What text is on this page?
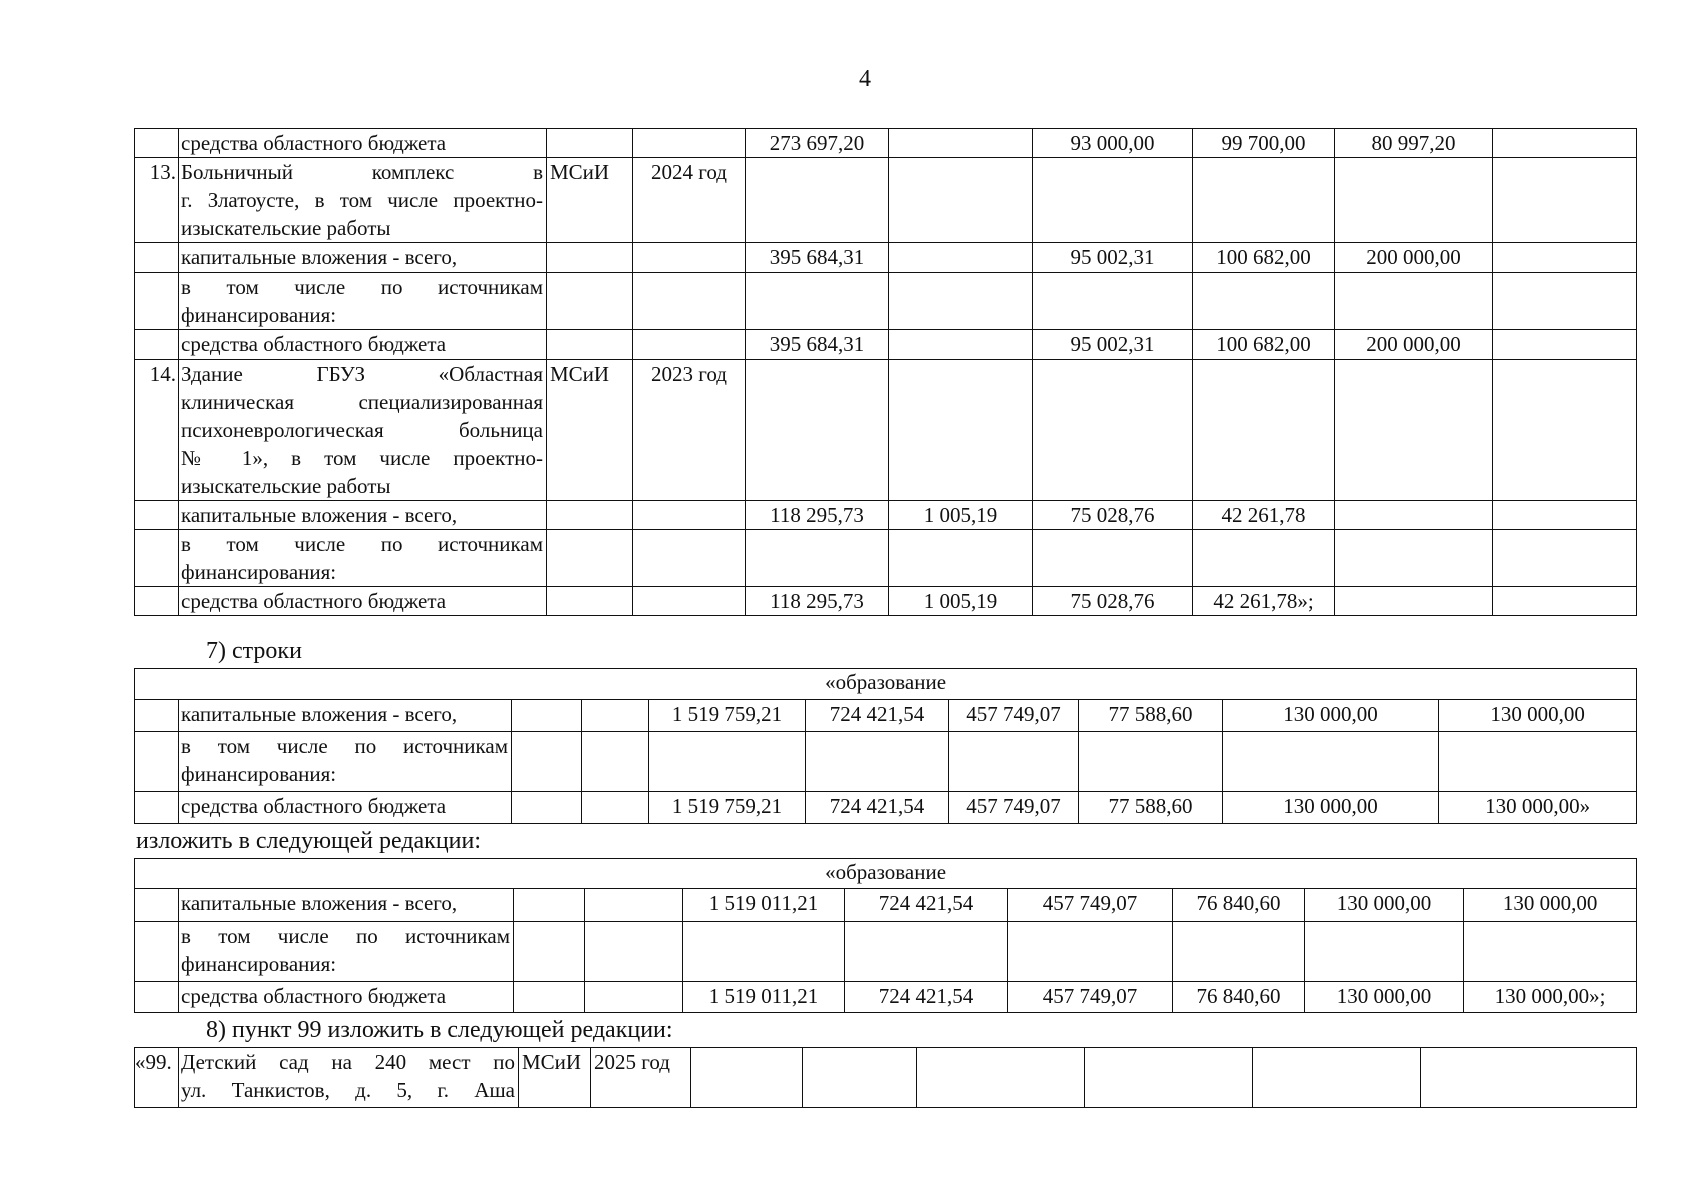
4
	средства областного бюджета			273 697,20		93 000,00	99 700,00	80 997,20	
13.	Больничный комплекс в
г. Златоусте, в том числе проектно-
изыскательские работы	МСиИ	2024 год						
	капитальные вложения - всего,			395 684,31		95 002,31	100 682,00	200 000,00	

	в том числе по источникам
финансирования:								
	средства областного бюджета			395 684,31		95 002,31	100 682,00	200 000,00	
14.	Здание ГБУЗ «Областная
клиническая специализированная
психоневрологическая больница
№ 1», в том числе проектно-
изыскательские работы	МСиИ	2023 год						
	капитальные вложения - всего,			118 295,73	1 005,19	75 028,76	42 261,78		

	в том числе по источникам
финансирования:								
	средства областного бюджета			118 295,73	1 005,19	75 028,76	42 261,78»;		
7) строки
«образование									
	капитальные вложения - всего,			1 519 759,21	724 421,54	457 749,07	77 588,60	130 000,00	130 000,00

	в том числе по источникам
финансирования:								
	средства областного бюджета			1 519 759,21	724 421,54	457 749,07	77 588,60	130 000,00	130 000,00»
изложить в следующей редакции:
«образование									
	капитальные вложения - всего,			1 519 011,21	724 421,54	457 749,07	76 840,60	130 000,00	130 000,00

	в том числе по источникам
финансирования:								
	средства областного бюджета			1 519 011,21	724 421,54	457 749,07	76 840,60	130 000,00	130 000,00»;
8) пункт 99 изложить в следующей редакции:
«99.	Детский сад на 240 мест по
ул. Танкистов, д. 5, г. Аша
	МСиИ	2025 год						
